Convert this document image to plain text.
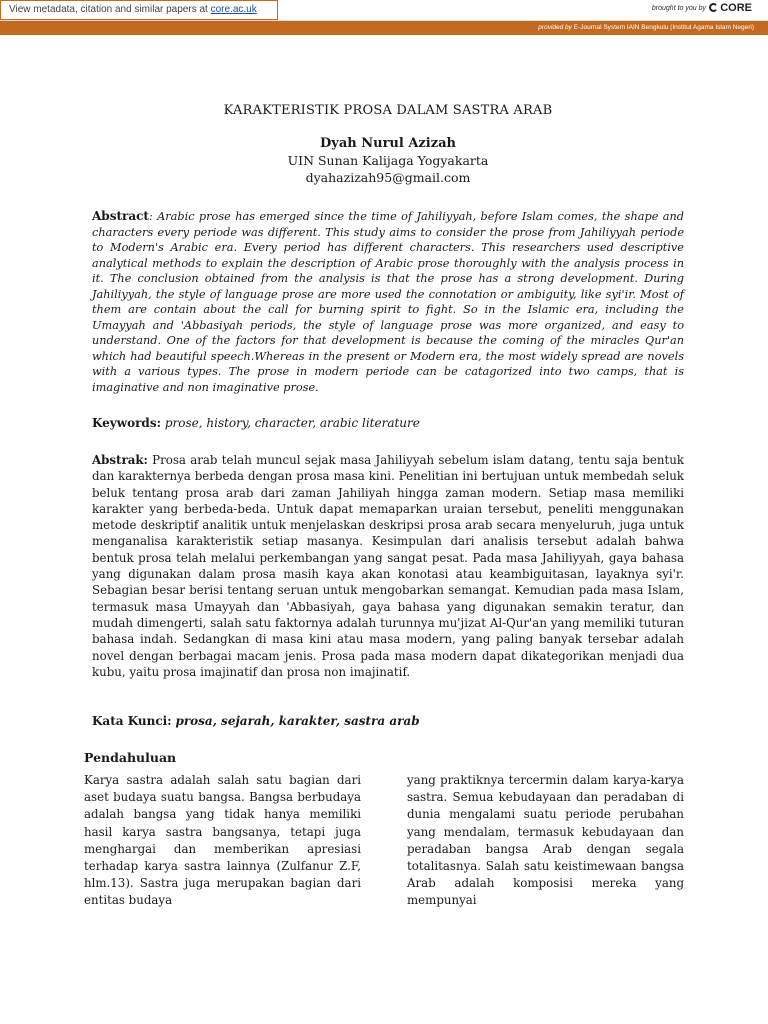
View metadata, citation and similar papers at core.ac.uk	brought to you by	CORE
provided by E-Journal System IAIN Bengkulu (Institut Agama Islam Negeri)
KARAKTERISTIK PROSA DALAM SASTRA ARAB
Dyah Nurul Azizah
UIN Sunan Kalijaga Yogyakarta
dyahazizah95@gmail.com
Abstract: Arabic prose has emerged since the time of Jahiliyyah, before Islam comes, the shape and characters every periode was different. This study aims to consider the prose from Jahiliyyah periode to Modern's Arabic era. Every period has different characters. This researchers used descriptive analytical methods to explain the description of Arabic prose thoroughly with the analysis process in it. The conclusion obtained from the analysis is that the prose has a strong development. During Jahiliyyah, the style of language prose are more used the connotation or ambiguity, like syi'ir. Most of them are contain about the call for burning spirit to fight. So in the Islamic era, including the Umayyah and 'Abbasiyah periods, the style of language prose was more organized, and easy to understand. One of the factors for that development is because the coming of the miracles Qur'an which had beautiful speech.Whereas in the present or Modern era, the most widely spread are novels with a various types. The prose in modern periode can be catagorized into two camps, that is imaginative and non imaginative prose.
Keywords: prose, history, character, arabic literature
Abstrak: Prosa arab telah muncul sejak masa Jahiliyyah sebelum islam datang, tentu saja bentuk dan karakternya berbeda dengan prosa masa kini. Penelitian ini bertujuan untuk membedah seluk beluk tentang prosa arab dari zaman Jahiliyah hingga zaman modern. Setiap masa memiliki karakter yang berbeda-beda. Untuk dapat memaparkan uraian tersebut, peneliti menggunakan metode deskriptif analitik untuk menjelaskan deskripsi prosa arab secara menyeluruh, juga untuk menganalisa karakteristik setiap masanya. Kesimpulan dari analisis tersebut adalah bahwa bentuk prosa telah melalui perkembangan yang sangat pesat. Pada masa Jahiliyyah, gaya bahasa yang digunakan dalam prosa masih kaya akan konotasi atau keambiguitasan, layaknya syi'r. Sebagian besar berisi tentang seruan untuk mengobarkan semangat. Kemudian pada masa Islam, termasuk masa Umayyah dan 'Abbasiyah, gaya bahasa yang digunakan semakin teratur, dan mudah dimengerti, salah satu faktornya adalah turunnya mu'jizat Al-Qur'an yang memiliki tuturan bahasa indah. Sedangkan di masa kini atau masa modern, yang paling banyak tersebar adalah novel dengan berbagai macam jenis. Prosa pada masa modern dapat dikategorikan menjadi dua kubu, yaitu prosa imajinatif dan prosa non imajinatif.
Kata Kunci: prosa, sejarah, karakter, sastra arab
Pendahuluan
Karya sastra adalah salah satu bagian dari aset budaya suatu bangsa. Bangsa berbudaya adalah bangsa yang tidak hanya memiliki hasil karya sastra bangsanya, tetapi juga menghargai dan memberikan apresiasi terhadap karya sastra lainnya (Zulfanur Z.F, hlm.13). Sastra juga merupakan bagian dari entitas budaya
yang praktiknya tercermin dalam karya-karya sastra. Semua kebudayaan dan peradaban di dunia mengalami suatu periode perubahan yang mendalam, termasuk kebudayaan dan peradaban bangsa Arab dengan segala totalitasnya. Salah satu keistimewaan bangsa Arab adalah komposisi mereka yang mempunyai
